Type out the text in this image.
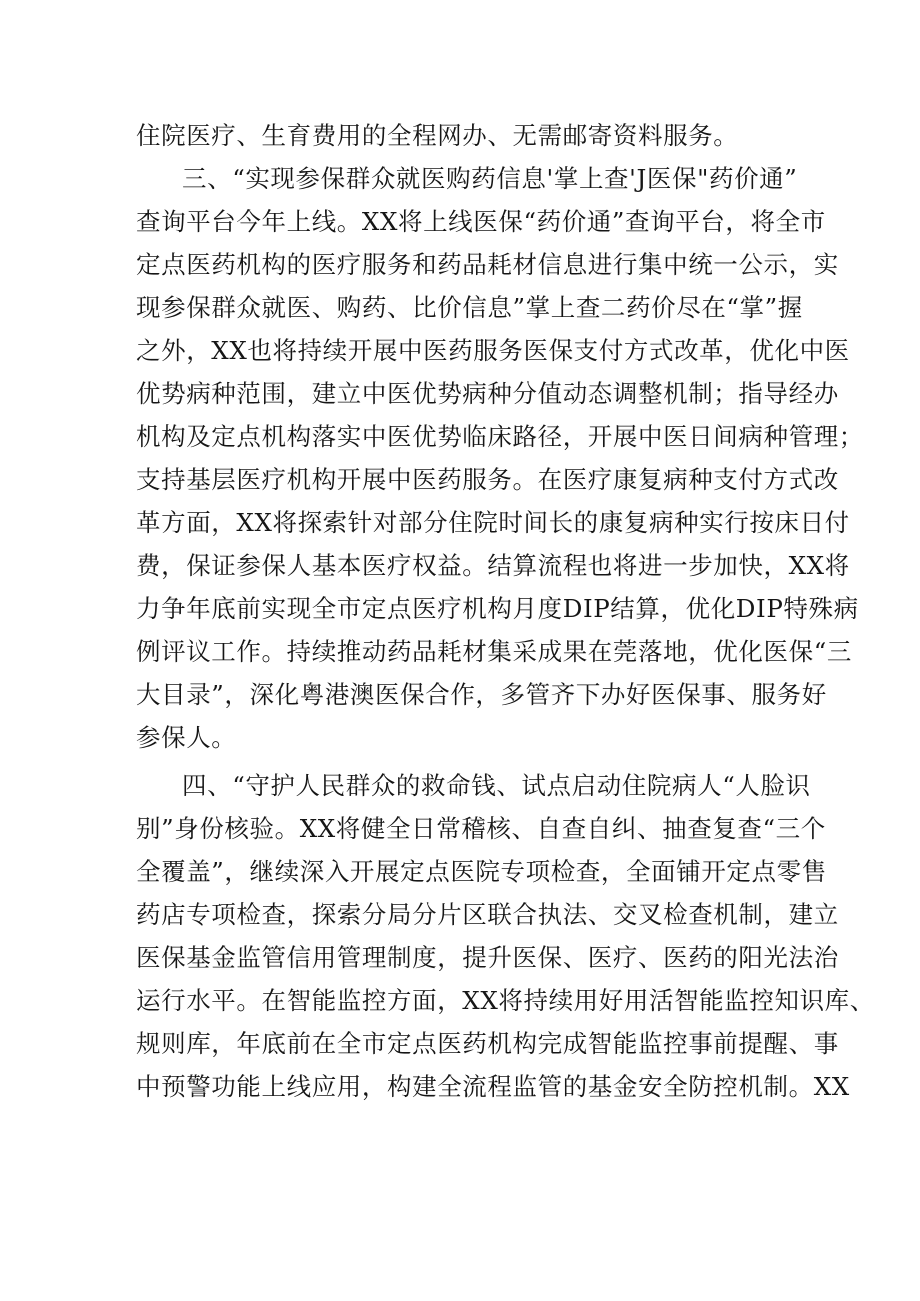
住院医疗、生育费用的全程网办、无需邮寄资料服务。
三、“实现参保群众就医购药信息'掌上查'J医保"药价通”
查询平台今年上线。XX将上线医保“药价通”查询平台，将全市
定点医药机构的医疗服务和药品耗材信息进行集中统一公示，实
现参保群众就医、购药、比价信息”掌上查二药价尽在“掌”握
之外，XX也将持续开展中医药服务医保支付方式改革，优化中医
优势病种范围，建立中医优势病种分值动态调整机制；指导经办
机构及定点机构落实中医优势临床路径，开展中医日间病种管理；
支持基层医疗机构开展中医药服务。在医疗康复病种支付方式改
革方面，XX将探索针对部分住院时间长的康复病种实行按床日付
费，保证参保人基本医疗权益。结算流程也将进一步加快，XX将
力争年底前实现全市定点医疗机构月度DIP结算，优化DIP特殊病
例评议工作。持续推动药品耗材集采成果在莞落地，优化医保“三
大目录”，深化粤港澳医保合作，多管齐下办好医保事、服务好
参保人。
四、“守护人民群众的救命钱、试点启动住院病人“人脸识
别”身份核验。XX将健全日常稽核、自查自纠、抽查复查“三个
全覆盖”，继续深入开展定点医院专项检查，全面铺开定点零售
药店专项检查，探索分局分片区联合执法、交叉检查机制，建立
医保基金监管信用管理制度，提升医保、医疗、医药的阳光法治
运行水平。在智能监控方面，XX将持续用好用活智能监控知识库、
规则库，年底前在全市定点医药机构完成智能监控事前提醒、事
中预警功能上线应用，构建全流程监管的基金安全防控机制。XX
